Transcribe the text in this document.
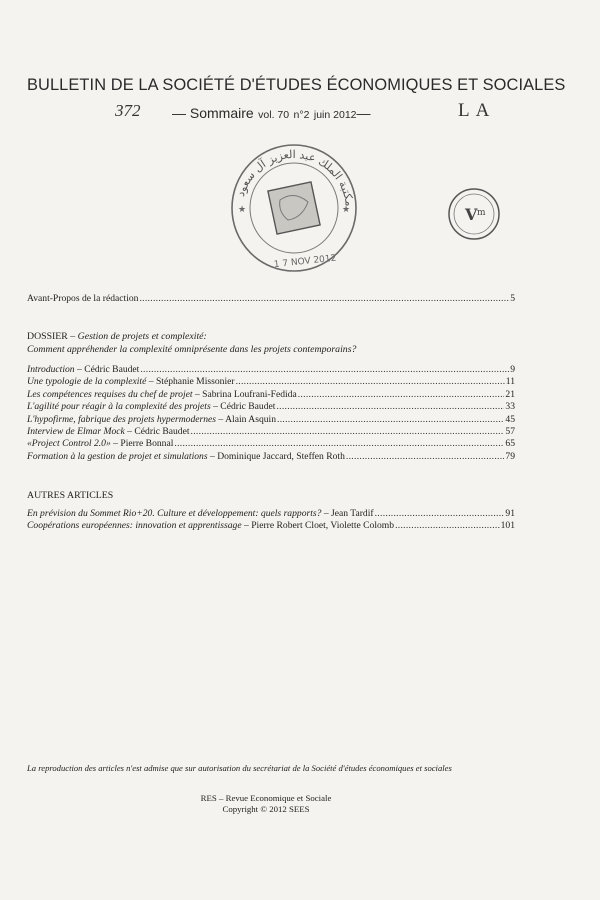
BULLETIN DE LA SOCIÉTÉ D'ÉTUDES ÉCONOMIQUES ET SOCIALES
372 — Sommaire vol. 70 n°2 juin 2012—	LA
مكتبة الملك عبد العزيز آل سعود
1 7 NOV 2012
★	★	V m
Avant-Propos de la rédaction .....	5
DOSSIER – Gestion de projets et complexité:
Comment appréhender la complexité omniprésente dans les projets contemporains?
Introduction – Cédric Baudet .....	9
Une typologie de la complexité – Stéphanie Missonier .....	11
Les compétences requises du chef de projet – Sabrina Loufrani-Fedida .....	21
L'agilité pour réagir à la complexité des projets – Cédric Baudet .....	33
L'hypofirme, fabrique des projets hypermodernes – Alain Asquin .....	45
Interview de Elmar Mock – Cédric Baudet .....	57
«Project Control 2.0» – Pierre Bonnal .....	65
Formation à la gestion de projet et simulations – Dominique Jaccard, Steffen Roth .....	79
AUTRES ARTICLES
En prévision du Sommet Rio+20. Culture et développement: quels rapports? – Jean Tardif .....	91
Coopérations européennes: innovation et apprentissage – Pierre Robert Cloet, Violette Colomb .....	101
La reproduction des articles n'est admise que sur autorisation du secrétariat de la Société d'études économiques et sociales
RES – Revue Economique et Sociale
Copyright © 2012 SEES
